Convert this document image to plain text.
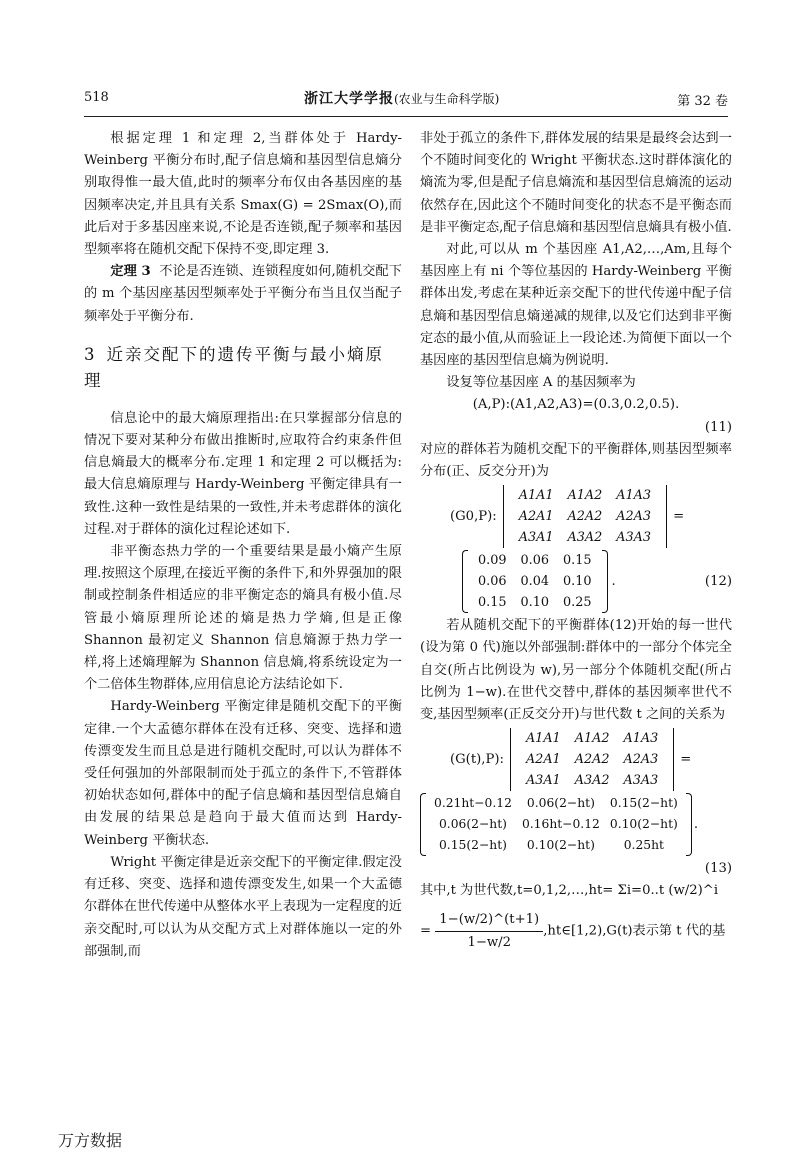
518	浙江大学学报(农业与生命科学版)	第 32 卷

根据定理 1 和定理 2,当群体处于 Hardy-Weinberg 平衡分布时,配子信息熵和基因型信息熵分别取得惟一最大值,此时的频率分布仅由各基因座的基因频率决定,并且具有关系 Smax(G) = 2Smax(O),而此后对于多基因座来说,不论是否连锁,配子频率和基因型频率将在随机交配下保持不变,即定理 3.

定理 3 不论是否连锁、连锁程度如何,随机交配下的 m 个基因座基因型频率处于平衡分布当且仅当配子频率处于平衡分布.

3 近亲交配下的遗传平衡与最小熵原理

信息论中的最大熵原理指出:在只掌握部分信息的情况下要对某种分布做出推断时,应取符合约束条件但信息熵最大的概率分布.定理 1 和定理 2 可以概括为:最大信息熵原理与 Hardy-Weinberg 平衡定律具有一致性.这种一致性是结果的一致性,并未考虑群体的演化过程.对于群体的演化过程论述如下.

非平衡态热力学的一个重要结果是最小熵产生原理.按照这个原理,在接近平衡的条件下,和外界强加的限制或控制条件相适应的非平衡定态的熵具有极小值.尽管最小熵原理所论述的熵是热力学熵,但是正像 Shannon 最初定义 Shannon 信息熵源于热力学一样,将上述熵理解为 Shannon 信息熵,将系统设定为一个二倍体生物群体,应用信息论方法结论如下.

Hardy-Weinberg 平衡定律是随机交配下的平衡定律.一个大孟德尔群体在没有迁移、突变、选择和遗传漂变发生而且总是进行随机交配时,可以认为群体不受任何强加的外部限制而处于孤立的条件下,不管群体初始状态如何,群体中的配子信息熵和基因型信息熵自由发展的结果总是趋向于最大值而达到 Hardy-Weinberg 平衡状态.

Wright 平衡定律是近亲交配下的平衡定律.假定没有迁移、突变、选择和遗传漂变发生,如果一个大孟德尔群体在世代传递中从整体水平上表现为一定程度的近亲交配时,可以认为从交配方式上对群体施以一定的外部强制,而

非处于孤立的条件下,群体发展的结果是最终会达到一个不随时间变化的 Wright 平衡状态.这时群体演化的熵流为零,但是配子信息熵流和基因型信息熵流的运动依然存在,因此这个不随时间变化的状态不是平衡态而是非平衡定态,配子信息熵和基因型信息熵具有极小值.

对此,可以从 m 个基因座 A1,A2,…,Am,且每个基因座上有 ni 个等位基因的 Hardy-Weinberg 平衡群体出发,考虑在某种近亲交配下的世代传递中配子信息熵和基因型信息熵递减的规律,以及它们达到非平衡定态的最小值,从而验证上一段论述.为简便下面以一个基因座的基因型信息熵为例说明.

设复等位基因座 A 的基因频率为

(A,P):(A1,A2,A3)=(0.3,0.2,0.5).

(11)

对应的群体若为随机交配下的平衡群体,则基因型频率分布(正、反交分开)为

(G0,P):
A1A1	A1A2	A1A3
A2A1	A2A2	A2A3
A3A1	A3A2	A3A3
=
0.09	0.06	0.15
0.06	0.04	0.10
0.15	0.10	0.25
.	(12)

若从随机交配下的平衡群体(12)开始的每一世代(设为第 0 代)施以外部强制:群体中的一部分个体完全自交(所占比例设为 w),另一部分个体随机交配(所占比例为 1−w).在世代交替中,群体的基因频率世代不变,基因型频率(正反交分开)与世代数 t 之间的关系为

(G(t),P):
A1A1	A1A2	A1A3
A2A1	A2A2	A2A3
A3A1	A3A2	A3A3
=
0.21ht−0.12	0.06(2−ht)	0.15(2−ht)
0.06(2−ht)	0.16ht−0.12	0.10(2−ht)
0.15(2−ht)	0.10(2−ht)	0.25ht
.

(13)

其中,t 为世代数,t=0,1,2,…,ht= Σi=0..t (w/2)^i

= $\frac{1-(w/2)\^{}(t+1)}{1-w/2}$ ,ht∈[1,2),G(t)表示第 t 代的基

万方数据
